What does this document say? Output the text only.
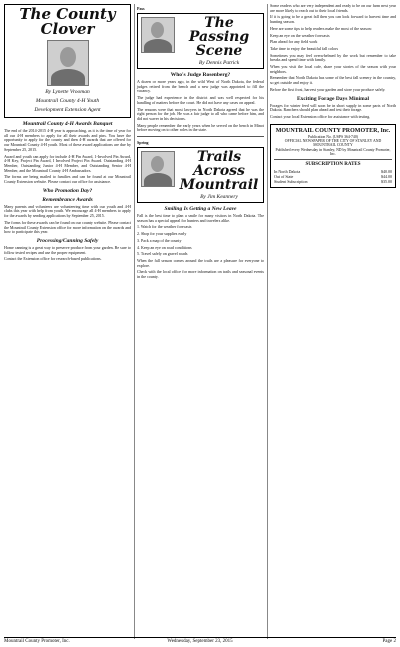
The County Clover
By Lynette Vrooman
Mountrail County 4-H Youth
Development Extension Agent
Mountrail County 4-H Awards Banquet

The end of the 2014-2015 4-H year is approaching, as it is the time of year for all our 4-H members to apply for all their awards and pins. You have the opportunity to apply for the county and then 4-H awards that are offered for our Mountrail County 4-H youth. Most of these award applications are due by September 25, 2015.

Award and youth can apply for include 4-H Pin Award, 1-Involved Pin Award, 4-H Key, Project Pin Award, I Involved Project Pin Award. Outstanding 4-H Member, Outstanding Junior 4-H Member, and Outstanding Senior 4-H Member, and the Mountrail County 4-H Ambassadors.

The forms are being mailed to families and can be found at our Mountrail County Extension website. Please contact our office for assistance.

Who Promotion Day?
Remembrance Awards

Many parents and volunteers are volunteering time with our youth and 4-H clubs this year with help from youth. We encourage all 4-H members to apply for the awards by sending applications by September 25, 2015.

The forms for these awards can be found on our county website. Please contact the Mountrail County Extension office for more information on the awards and how to participate this year.

Processing/Canning Safely

Home canning is a great way to preserve produce from your garden. Be sure to follow tested recipes and use the proper equipment.

Contact the Extension office for research-based publications.

Pass
The Passing Scene
By Dennis Patrick
Who's Judge Rosenberg?

A dozen or more years ago, in the wild West of North Dakota, the federal judges retired from the bench and a new judge was appointed to fill the vacancy.

The judge had experience in the district and was well respected for his handling of matters before the court. He did not have any cases on appeal.

The reasons were that most lawyers in North Dakota agreed that he was the right person for the job. He was a fair judge to all who came before him, and did not waver in his decisions.

Many people remember the early years when he served on the bench in Minot before moving on to other roles in the state.

Spring
Trails Across Mountrail
By Jim Keannery
Smiling Is Getting a New Leave

Fall is the best time to plan a smile for many visitors in North Dakota. The season has a special appeal for hunters and travelers alike.

1. Watch for the weather forecasts

2. Shop for your supplies early

3. Pack a map of the county

4. Keep an eye on road conditions

5. Travel safely on gravel roads

When the fall season comes around the trails are a pleasure for everyone to explore.

Check with the local office for more information on trails and seasonal events in the county.

Some readers who are very independent and ready to be on our farm next year are more likely to reach out to their local friends.

If it is going to be a great fall then you can look forward to harvest time and hunting season.

Here are some tips to help readers make the most of the season:

Keep an eye on the weather forecasts

Plan ahead for any field work

Take time to enjoy the beautiful fall colors

Sometimes you may feel overwhelmed by the work but remember to take breaks and spend time with family.

When you visit the local cafe, share your stories of the season with your neighbors.

Remember that North Dakota has some of the best fall scenery in the country, so get outside and enjoy it.

Before the first frost, harvest your garden and store your produce safely.

Exciting Forage Days Minimal

Forages for winter feed will soon be in short supply in some parts of North Dakota. Ranchers should plan ahead and test their forage.

Contact your local Extension office for assistance with testing.

MOUNTRAIL COUNTY PROMOTER, Inc.
Publication No. (USPS 364-740)
OFFICIAL NEWSPAPER OF THE CITY OF STANLEY AND MOUNTRAIL COUNTY
Published every Wednesday in Stanley, ND by Mountrail County Promoter, Inc.
SUBSCRIPTION RATES
In North Dakota	$40.00
Out of State	$44.00
Student Subscription	$35.00
Mountrail County Promoter, Inc.	Wednesday, September 23, 2015	Page 2
